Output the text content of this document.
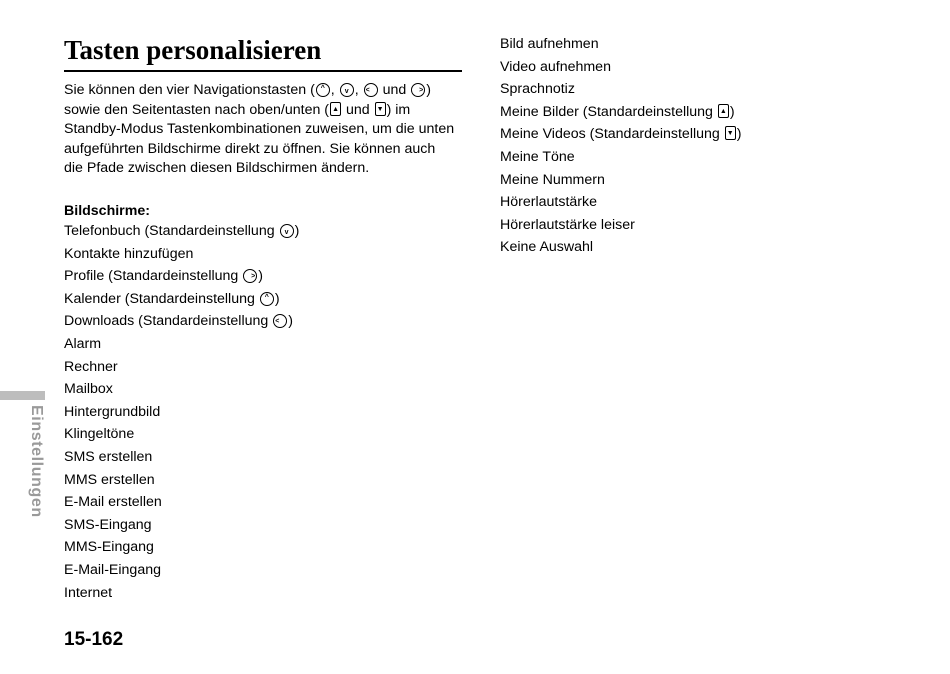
Tasten personalisieren

Sie können den vier Navigationstasten ( ^ ,	v , < und > ) sowie den Seitentasten nach oben/unten ( ▲ und ▼ ) im Standby-Modus Tastenkombinationen zuweisen, um die unten aufgeführten Bildschirme direkt zu öffnen. Sie können auch die Pfade zwischen diesen Bildschirmen ändern.

Bildschirme:

Telefonbuch (Standardeinstellung	v )
Kontakte hinzufügen
Profile (Standardeinstellung > )
Kalender (Standardeinstellung	^ )
Downloads (Standardeinstellung < )
Alarm
Rechner
Mailbox
Hintergrundbild
Klingeltöne
SMS erstellen
MMS erstellen
E-Mail erstellen
SMS-Eingang
MMS-Eingang
E-Mail-Eingang
Internet
Bild aufnehmen
Video aufnehmen
Sprachnotiz
Meine Bilder (Standardeinstellung ▲ )
Meine Videos (Standardeinstellung ▼ )
Meine Töne
Meine Nummern
Hörerlautstärke
Hörerlautstärke leiser
Keine Auswahl
Einstellungen

15-162
